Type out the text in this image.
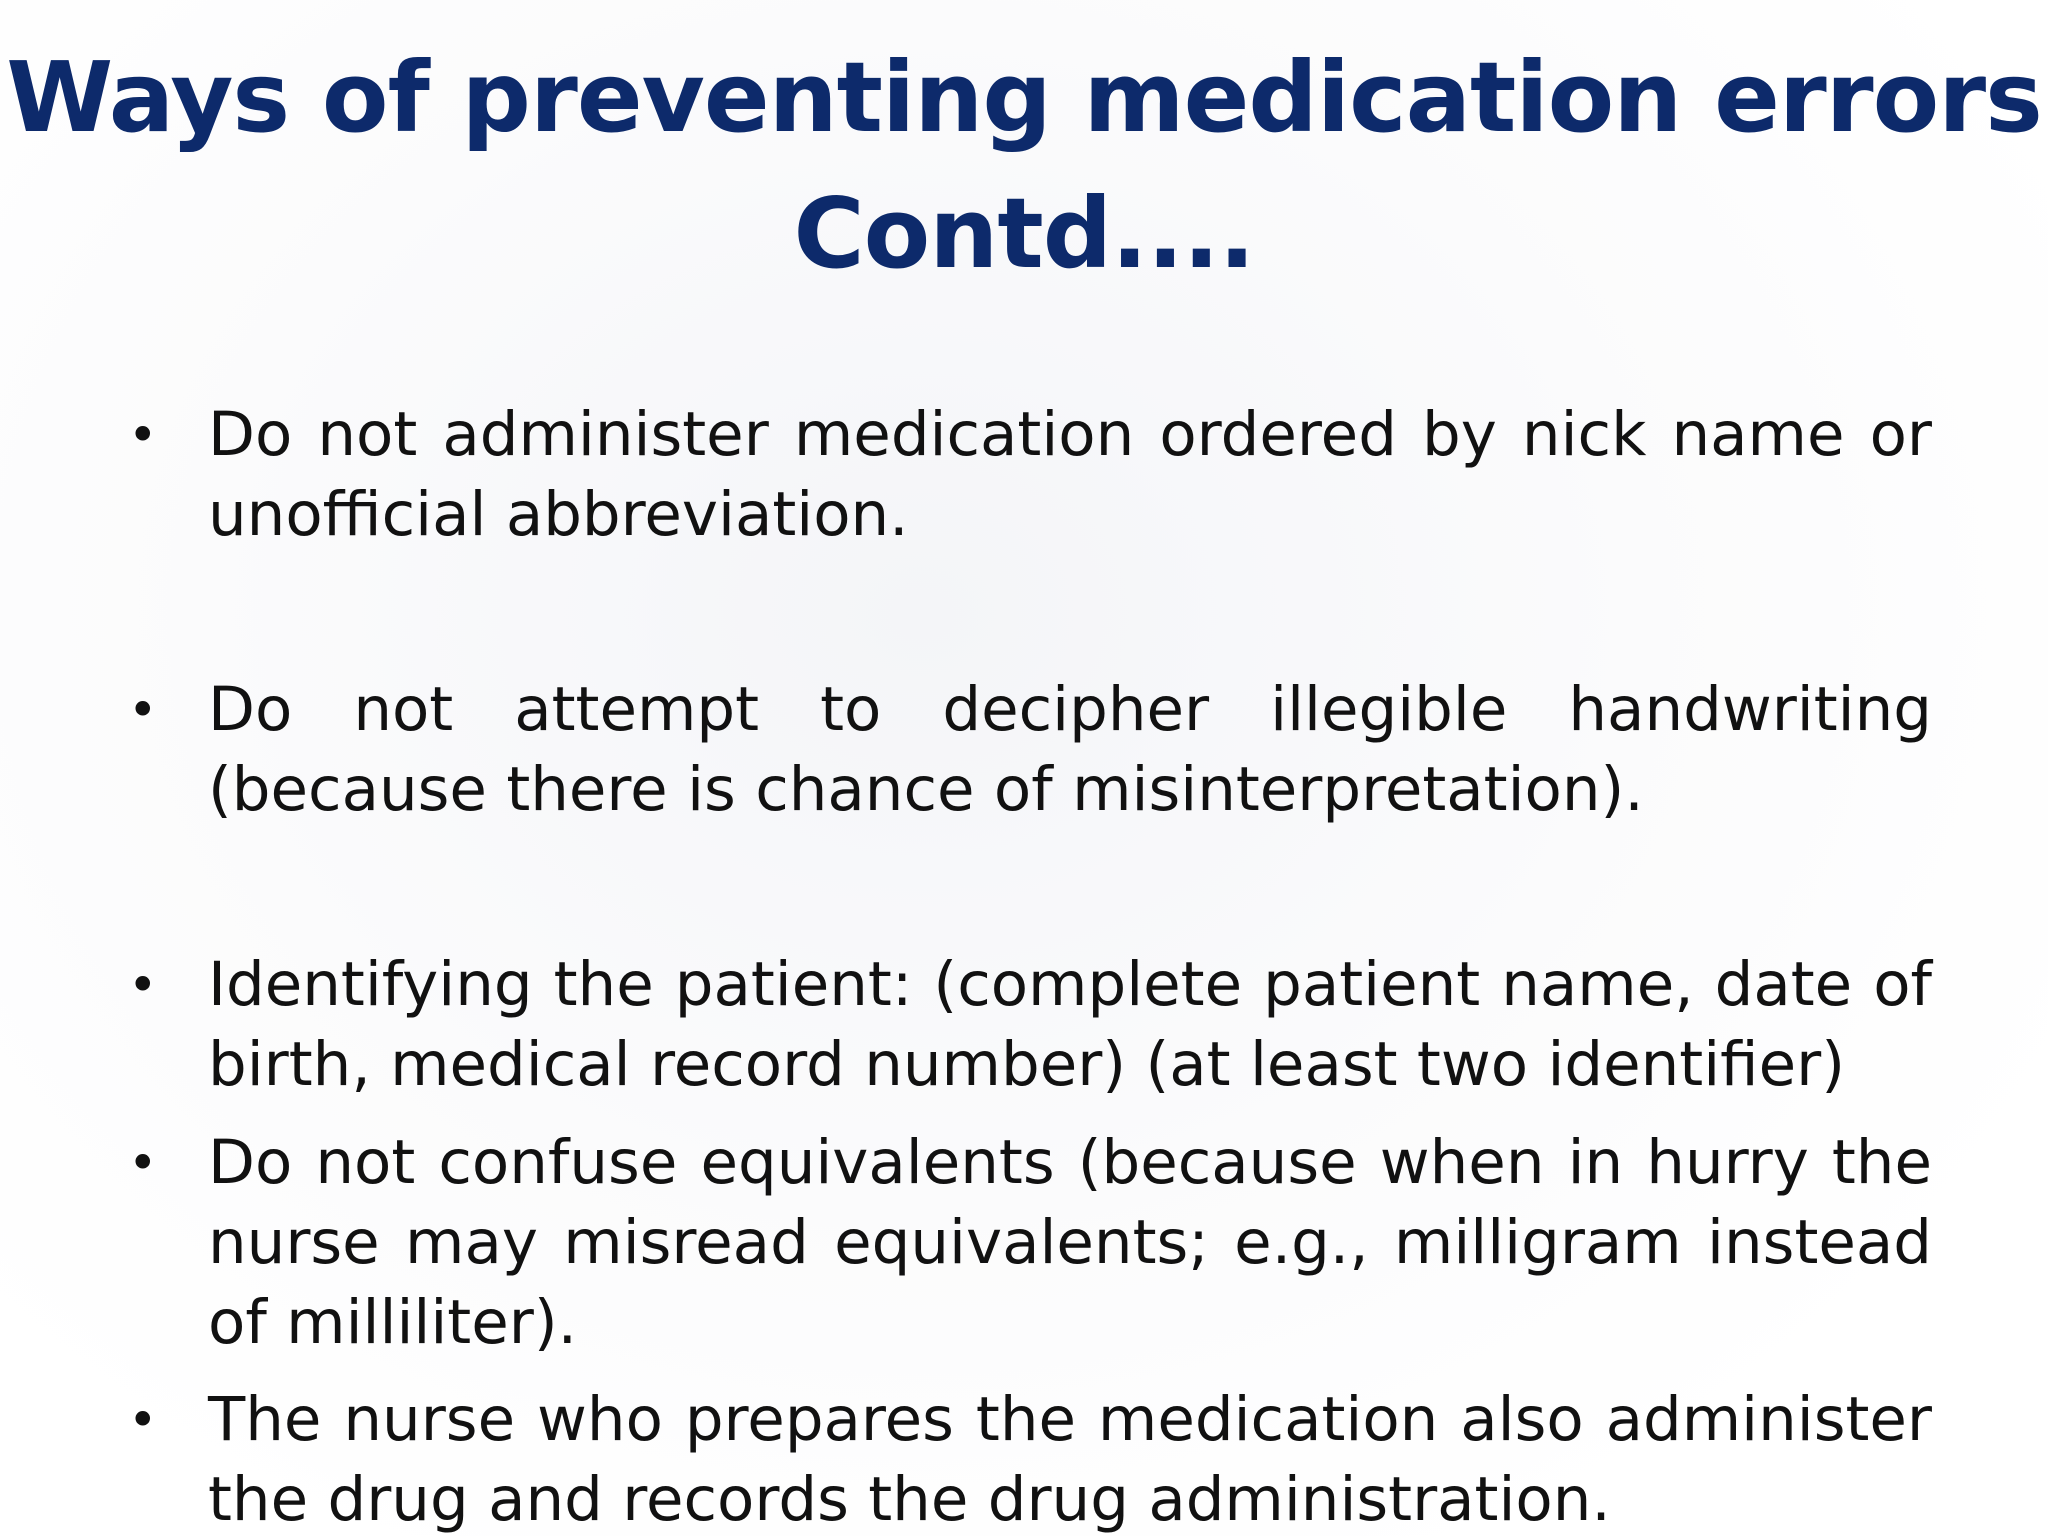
Ways of preventing medication errors
Contd....
• Do not administer medication ordered by nick name or unofficial abbreviation.
• Do not attempt to decipher illegible handwriting (because there is chance of misinterpretation).
• Identifying the patient: (complete patient name, date of birth, medical record number) (at least two identifier)
• Do not confuse equivalents (because when in hurry the nurse may misread equivalents; e.g., milligram instead of milliliter).
• The nurse who prepares the medication also administer the drug and records the drug administration.
